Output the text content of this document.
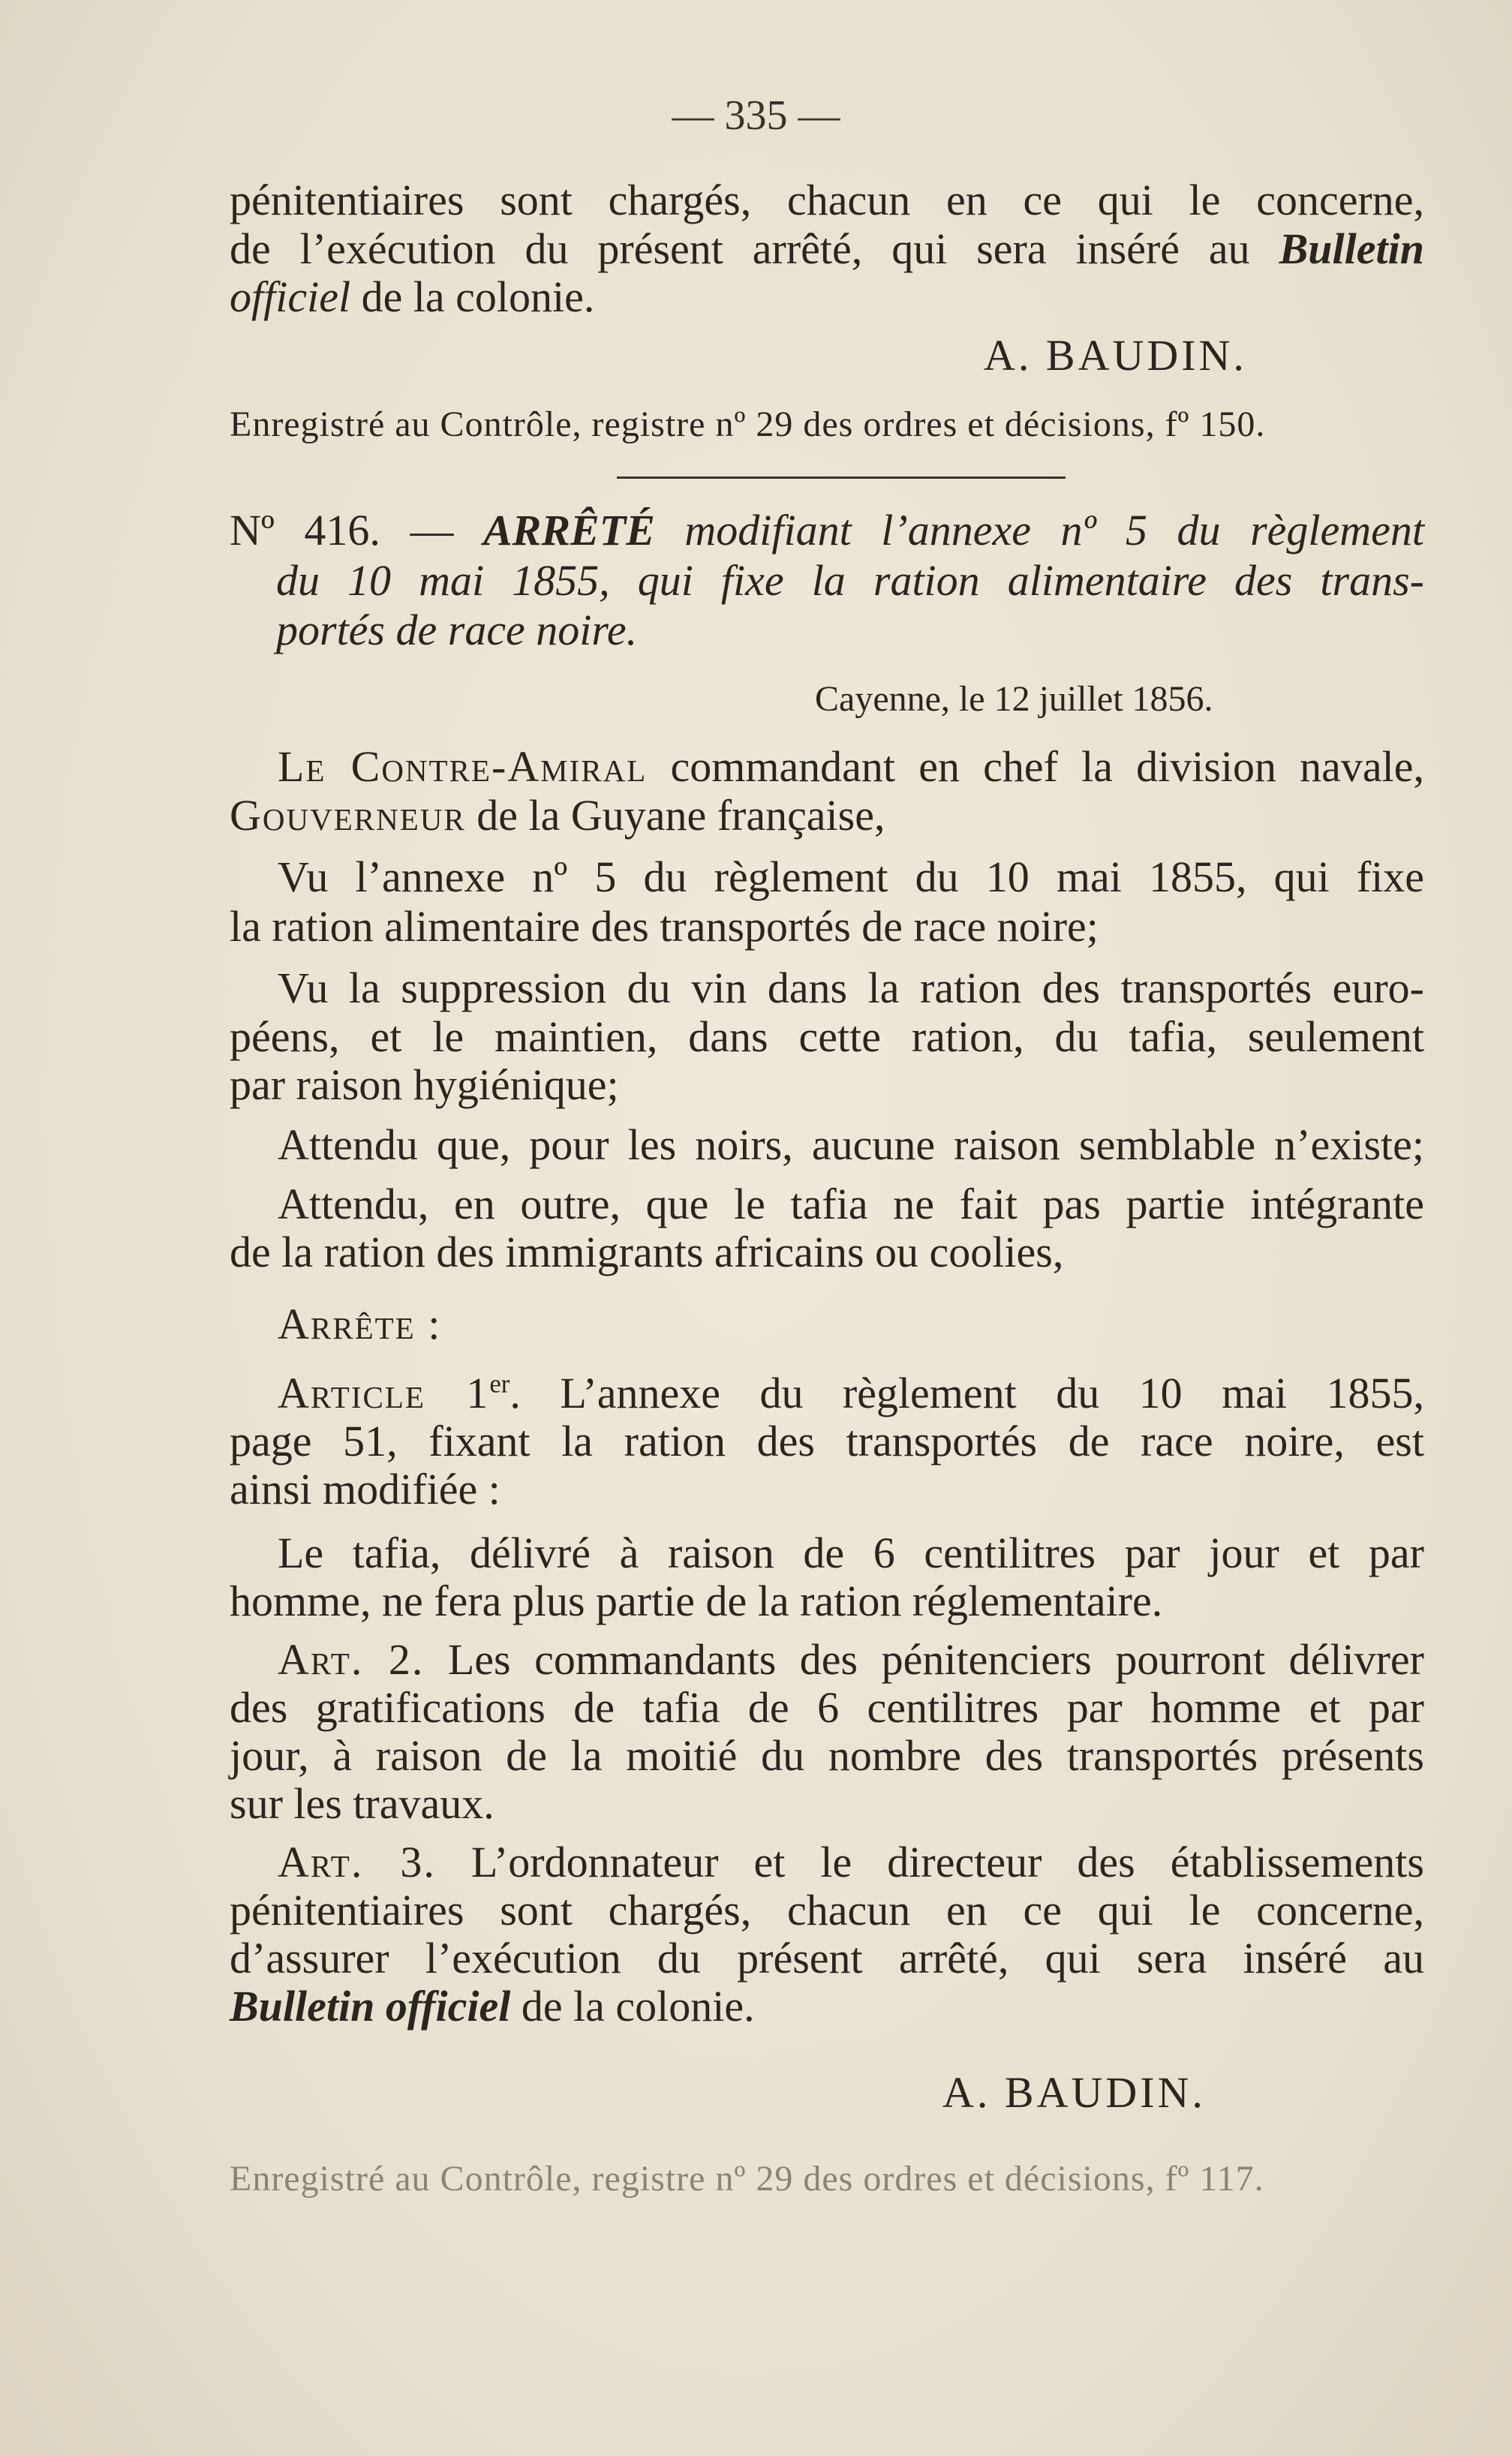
— 335 —
pénitentiaires sont chargés, chacun en ce qui le concerne,
de l’exécution du présent arrêté, qui sera inséré au Bulletin
officiel de la colonie.
A. BAUDIN.
Enregistré au Contrôle, registre nº 29 des ordres et décisions, fº 150.
Nº 416. — ARRÊTÉ modifiant l’annexe nº 5 du règlement
du 10 mai 1855, qui fixe la ration alimentaire des trans-
portés de race noire.
Cayenne, le 12 juillet 1856.
Le Contre-Amiral commandant en chef la division navale,
Gouverneur de la Guyane française,
Vu l’annexe nº 5 du règlement du 10 mai 1855, qui fixe
la ration alimentaire des transportés de race noire;
Vu la suppression du vin dans la ration des transportés euro-
péens, et le maintien, dans cette ration, du tafia, seulement
par raison hygiénique;
Attendu que, pour les noirs, aucune raison semblable n’existe;
Attendu, en outre, que le tafia ne fait pas partie intégrante
de la ration des immigrants africains ou coolies,
Arrête :
Article 1er. L’annexe du règlement du 10 mai 1855,
page 51, fixant la ration des transportés de race noire, est
ainsi modifiée :
Le tafia, délivré à raison de 6 centilitres par jour et par
homme, ne fera plus partie de la ration réglementaire.
Art. 2. Les commandants des pénitenciers pourront délivrer
des gratifications de tafia de 6 centilitres par homme et par
jour, à raison de la moitié du nombre des transportés présents
sur les travaux.
Art. 3. L’ordonnateur et le directeur des établissements
pénitentiaires sont chargés, chacun en ce qui le concerne,
d’assurer l’exécution du présent arrêté, qui sera inséré au
Bulletin officiel de la colonie.
A. BAUDIN.
Enregistré au Contrôle, registre nº 29 des ordres et décisions, fº 117.
